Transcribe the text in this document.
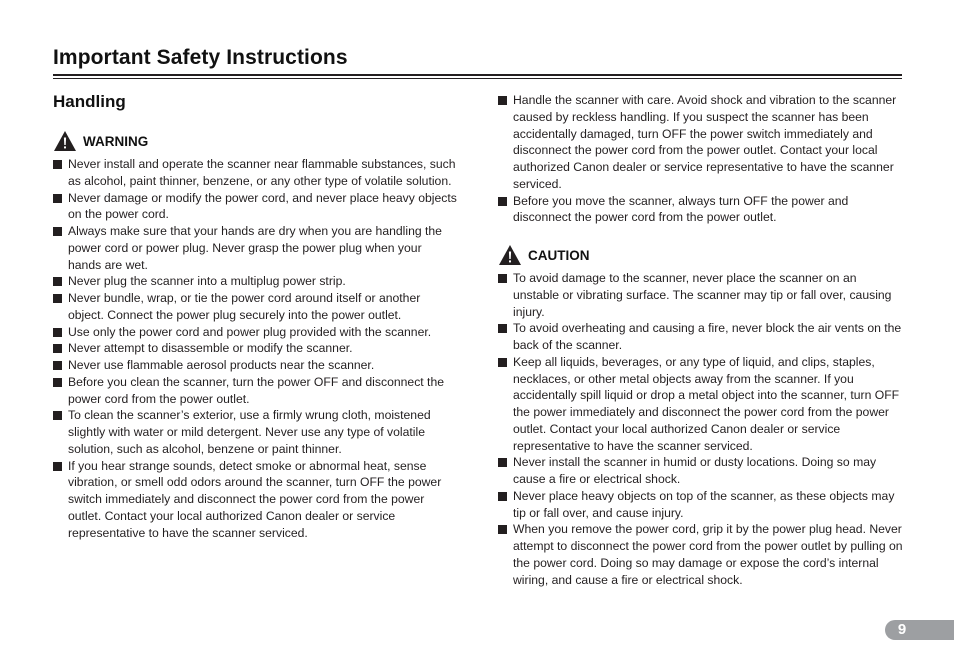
Important Safety Instructions
Handling
WARNING
Never install and operate the scanner near flammable substances, such as alcohol, paint thinner, benzene, or any other type of volatile solution.
Never damage or modify the power cord, and never place heavy objects on the power cord.
Always make sure that your hands are dry when you are handling the power cord or power plug. Never grasp the power plug when your hands are wet.
Never plug the scanner into a multiplug power strip.
Never bundle, wrap, or tie the power cord around itself or another object. Connect the power plug securely into the power outlet.
Use only the power cord and power plug provided with the scanner.
Never attempt to disassemble or modify the scanner.
Never use flammable aerosol products near the scanner.
Before you clean the scanner, turn the power OFF and disconnect the power cord from the power outlet.
To clean the scanner’s exterior, use a firmly wrung cloth, moistened slightly with water or mild detergent. Never use any type of volatile solution, such as alcohol, benzene or paint thinner.
If you hear strange sounds, detect smoke or abnormal heat, sense vibration, or smell odd odors around the scanner, turn OFF the power switch immediately and disconnect the power cord from the power outlet. Contact your local authorized Canon dealer or service representative to have the scanner serviced.
Handle the scanner with care. Avoid shock and vibration to the scanner caused by reckless handling. If you suspect the scanner has been accidentally damaged, turn OFF the power switch immediately and disconnect the power cord from the power outlet. Contact your local authorized Canon dealer or service representative to have the scanner serviced.
Before you move the scanner, always turn OFF the power and disconnect the power cord from the power outlet.
CAUTION
To avoid damage to the scanner, never place the scanner on an unstable or vibrating surface. The scanner may tip or fall over, causing injury.
To avoid overheating and causing a fire, never block the air vents on the back of the scanner.
Keep all liquids, beverages, or any type of liquid, and clips, staples, necklaces, or other metal objects away from the scanner. If you accidentally spill liquid or drop a metal object into the scanner, turn OFF the power immediately and disconnect the power cord from the power outlet. Contact your local authorized Canon dealer or service representative to have the scanner serviced.
Never install the scanner in humid or dusty locations. Doing so may cause a fire or electrical shock.
Never place heavy objects on top of the scanner, as these objects may tip or fall over, and cause injury.
When you remove the power cord, grip it by the power plug head. Never attempt to disconnect the power cord from the power outlet by pulling on the power cord. Doing so may damage or expose the cord’s internal wiring, and cause a fire or electrical shock.
9
